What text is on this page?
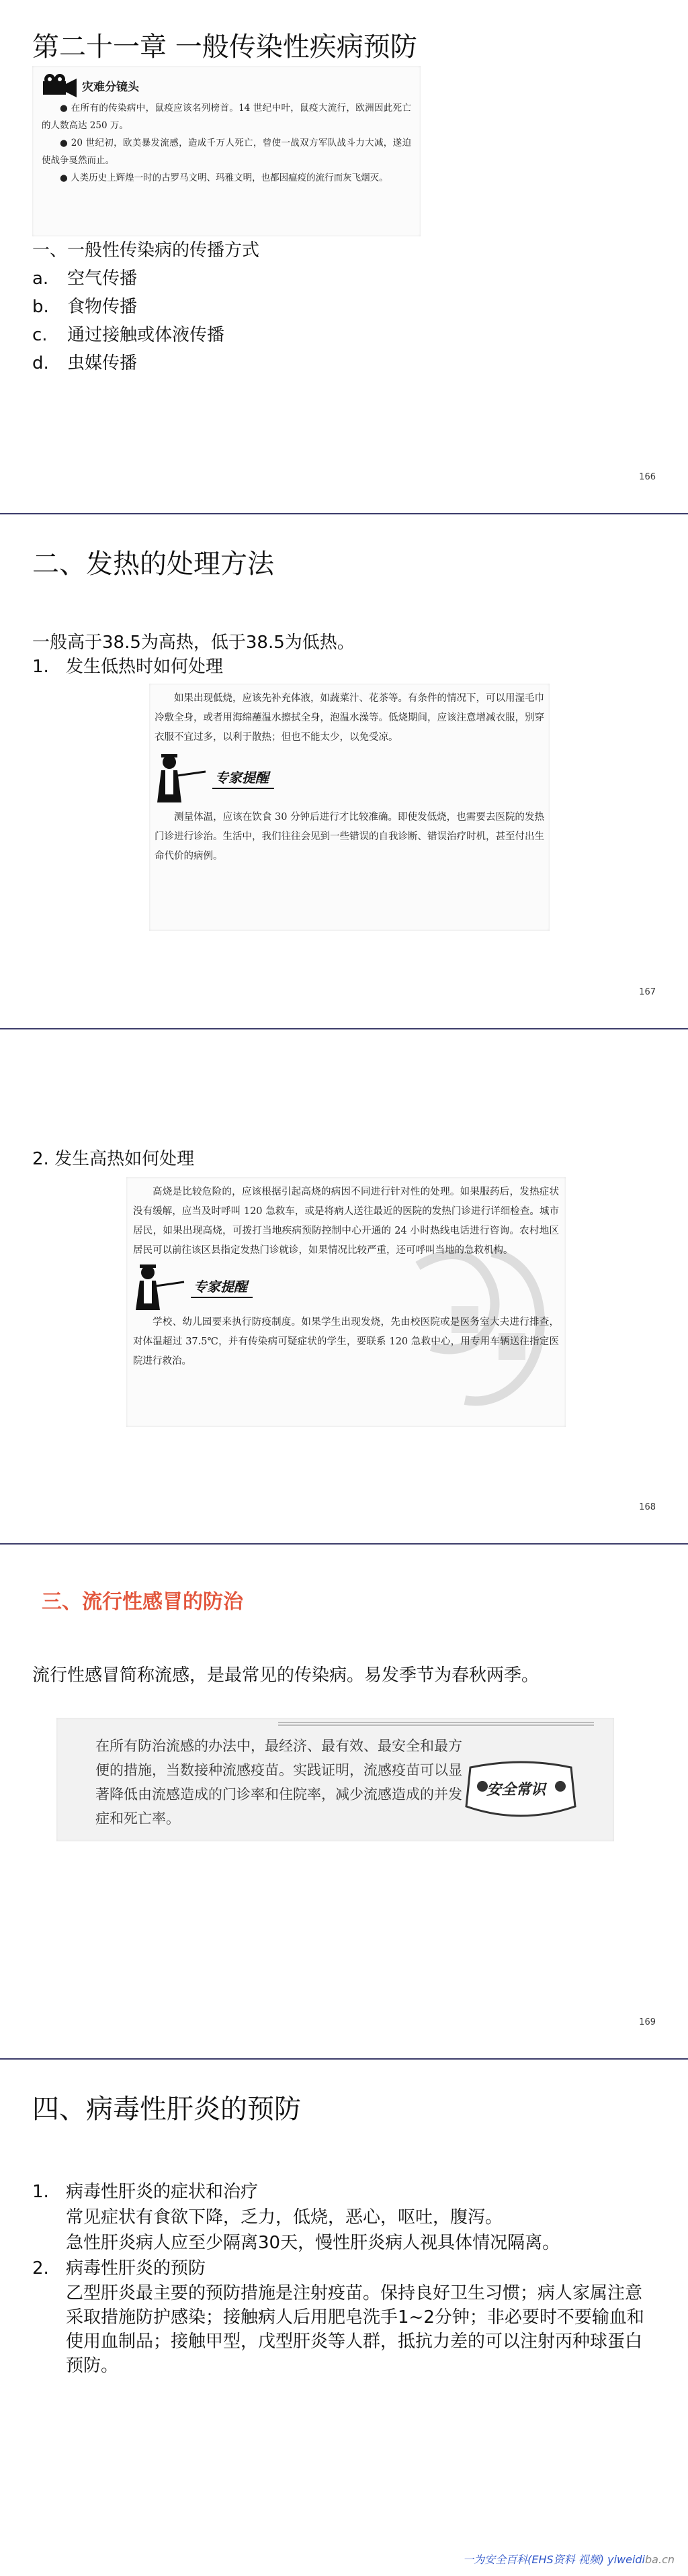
第二十一章 一般传染性疾病预防
灾难分镜头

● 在所有的传染病中，鼠疫应该名列榜首。14 世纪中叶，鼠疫大流行，欧洲因此死亡的人数高达 250 万。

● 20 世纪初，欧美暴发流感，造成千万人死亡，曾使一战双方军队战斗力大减，遂迫使战争戛然而止。

● 人类历史上辉煌一时的古罗马文明、玛雅文明，也都因瘟疫的流行而灰飞烟灭。

一、一般性传染病的传播方式
a. 空气传播
b. 食物传播
c. 通过接触或体液传播
d. 虫媒传播
166
二、发热的处理方法
一般高于38.5为高热，低于38.5为低热。
1. 发生低热时如何处理

如果出现低烧，应该先补充体液，如蔬菜汁、花茶等。有条件的情况下，可以用湿毛巾冷敷全身，或者用海绵蘸温水擦拭全身，泡温水澡等。低烧期间，应该注意增减衣服，别穿衣服不宜过多，以利于散热；但也不能太少，以免受凉。

专家提醒

测量体温，应该在饮食 30 分钟后进行才比较准确。即使发低烧，也需要去医院的发热门诊进行诊治。生活中，我们往往会见到一些错误的自我诊断、错误治疗时机，甚至付出生命代价的病例。

167
2. 发生高热如何处理

高烧是比较危险的，应该根据引起高烧的病因不同进行针对性的处理。如果服药后，发热症状没有缓解，应当及时呼叫 120 急救车，或是将病人送往最近的医院的发热门诊进行详细检查。城市居民，如果出现高烧，可拨打当地疾病预防控制中心开通的 24 小时热线电话进行咨询。农村地区居民可以前往该区县指定发热门诊就诊，如果情况比较严重，还可呼叫当地的急救机构。

专家提醒

学校、幼儿园要来执行防疫制度。如果学生出现发烧，先由校医院或是医务室大夫进行排查，对体温超过 37.5℃，并有传染病可疑症状的学生，要联系 120 急救中心，用专用车辆送往指定医院进行救治。

168
三、流行性感冒的防治
流行性感冒简称流感，是最常见的传染病。易发季节为春秋两季。
在所有防治流感的办法中，最经济、最有效、最安全和最方便的措施，当数接种流感疫苗。实践证明，流感疫苗可以显著降低由流感造成的门诊率和住院率，减少流感造成的并发症和死亡率。
安全常识
169
四、病毒性肝炎的预防
1. 病毒性肝炎的症状和治疗
常见症状有食欲下降，乏力，低烧，恶心，呕吐，腹泻。
急性肝炎病人应至少隔离30天，慢性肝炎病人视具体情况隔离。
2. 病毒性肝炎的预防
乙型肝炎最主要的预防措施是注射疫苗。保持良好卫生习惯；病人家属注意采取措施防护感染；接触病人后用肥皂洗手1~2分钟；非必要时不要输血和使用血制品；接触甲型，戊型肝炎等人群，抵抗力差的可以注射丙种球蛋白预防。
一为安全百科(EHS资料 视频) yiweidiba.cn
